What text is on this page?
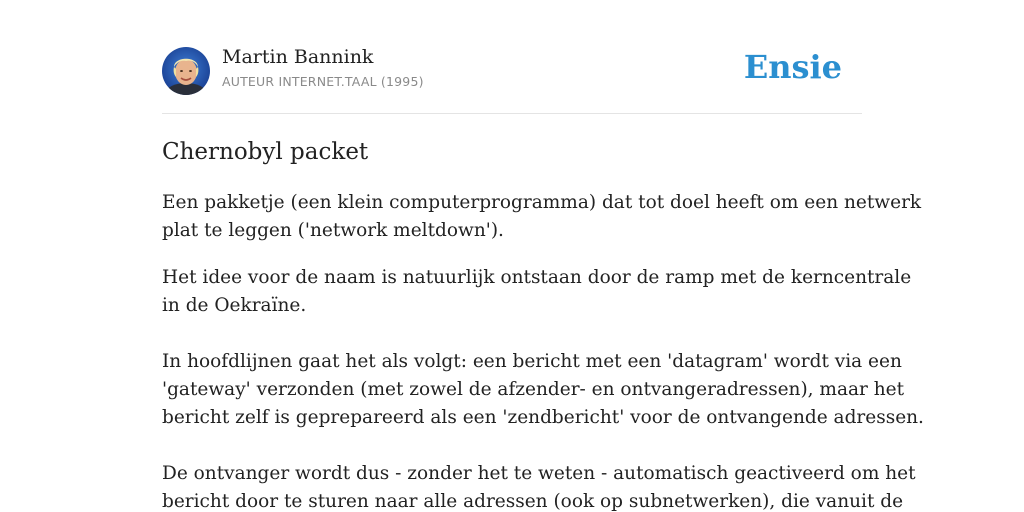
Martin Bannink
AUTEUR INTERNET.TAAL (1995)	Ensie
Chernobyl packet

Een pakketje (een klein computerprogramma) dat tot doel heeft om een netwerk
plat te leggen ('network meltdown').

Het idee voor de naam is natuurlijk ontstaan door de ramp met de kerncentrale
in de Oekraïne.

In hoofdlijnen gaat het als volgt: een bericht met een 'datagram' wordt via een
'gateway' verzonden (met zowel de afzender- en ontvangeradressen), maar het
bericht zelf is geprepareerd als een 'zendbericht' voor de ontvangende adressen.

De ontvanger wordt dus - zonder het te weten - automatisch geactiveerd om het
bericht door te sturen naar alle adressen (ook op subnetwerken), die vanuit de
